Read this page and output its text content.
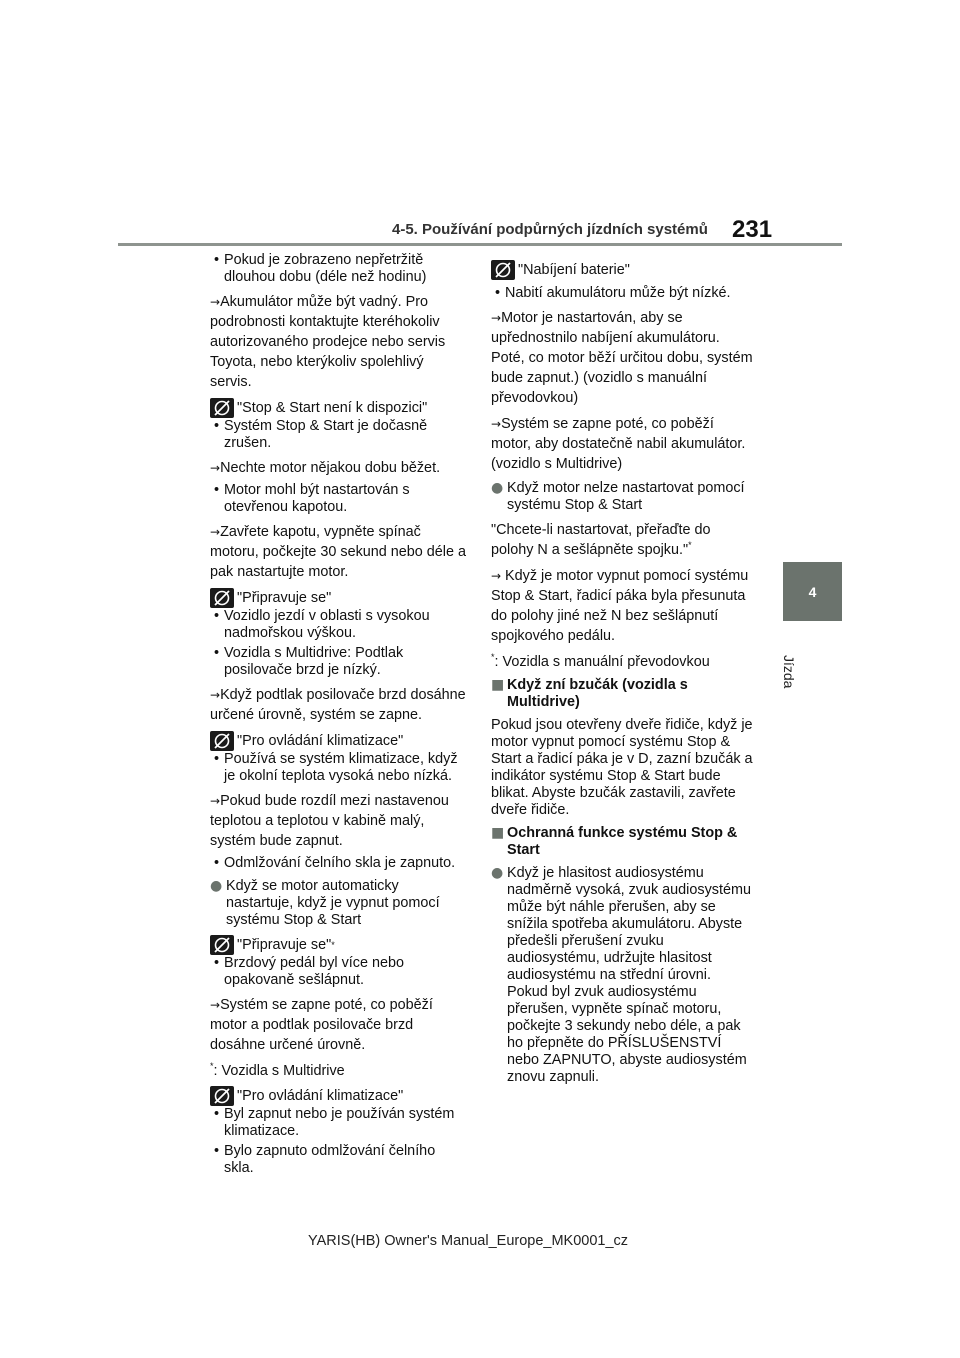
4-5. Používání podpůrných jízdních systémů 231
4
Jízda
• Pokud je zobrazeno nepřetržitě dlouhou dobu (déle než hodinu)
→Akumulátor může být vadný. Pro podrobnosti kontaktujte kteréhokoliv autorizovaného prodejce nebo servis Toyota, nebo kterýkoliv spolehlivý servis.
"Stop & Start není k dispozici"
• Systém Stop & Start je dočasně zrušen.
→Nechte motor nějakou dobu běžet.
• Motor mohl být nastartován s otevřenou kapotou.
→Zavřete kapotu, vypněte spínač motoru, počkejte 30 sekund nebo déle a pak nastartujte motor.
"Připravuje se"
• Vozidlo jezdí v oblasti s vysokou nadmořskou výškou.
• Vozidla s Multidrive: Podtlak posilovače brzd je nízký.
→Když podtlak posilovače brzd dosáhne určené úrovně, systém se zapne.
"Pro ovládání klimatizace"
• Používá se systém klimatizace, když je okolní teplota vysoká nebo nízká.
→Pokud bude rozdíl mezi nastavenou teplotou a teplotou v kabině malý, systém bude zapnut.
• Odmlžování čelního skla je zapnuto.
● Když se motor automaticky nastartuje, když je vypnut pomocí systému Stop & Start
"Připravuje se" *
• Brzdový pedál byl více nebo opakovaně sešlápnut.
→Systém se zapne poté, co poběží motor a podtlak posilovače brzd dosáhne určené úrovně.
*: Vozidla s Multidrive
"Pro ovládání klimatizace"
• Byl zapnut nebo je používán systém klimatizace.
• Bylo zapnuto odmlžování čelního skla.
"Nabíjení baterie"
• Nabití akumulátoru může být nízké.
→Motor je nastartován, aby se upřednostnilo nabíjení akumulátoru. Poté, co motor běží určitou dobu, systém bude zapnut.) (vozidlo s manuální převodovkou)
→Systém se zapne poté, co poběží motor, aby dostatečně nabil akumulátor. (vozidlo s Multidrive)
● Když motor nelze nastartovat pomocí systému Stop & Start
"Chcete-li nastartovat, přeřaďte do polohy N a sešlápněte spojku."*
→ Když je motor vypnut pomocí systému Stop & Start, řadicí páka byla přesunuta do polohy jiné než N bez sešlápnutí spojkového pedálu.
*: Vozidla s manuální převodovkou
■ Když zní bzučák (vozidla s Multidrive)
Pokud jsou otevřeny dveře řidiče, když je motor vypnut pomocí systému Stop & Start a řadicí páka je v D, zazní bzučák a indikátor systému Stop & Start bude blikat. Abyste bzučák zastavili, zavřete dveře řidiče.
■ Ochranná funkce systému Stop & Start
● Když je hlasitost audiosystému nadměrně vysoká, zvuk audiosystému může být náhle přerušen, aby se snížila spotřeba akumulátoru. Abyste předešli přerušení zvuku audiosystému, udržujte hlasitost audiosystému na střední úrovni. Pokud byl zvuk audiosystému přerušen, vypněte spínač motoru, počkejte 3 sekundy nebo déle, a pak ho přepněte do PŘÍSLUŠENSTVÍ nebo ZAPNUTO, abyste audiosystém znovu zapnuli.
YARIS(HB) Owner's Manual_Europe_MK0001_cz
